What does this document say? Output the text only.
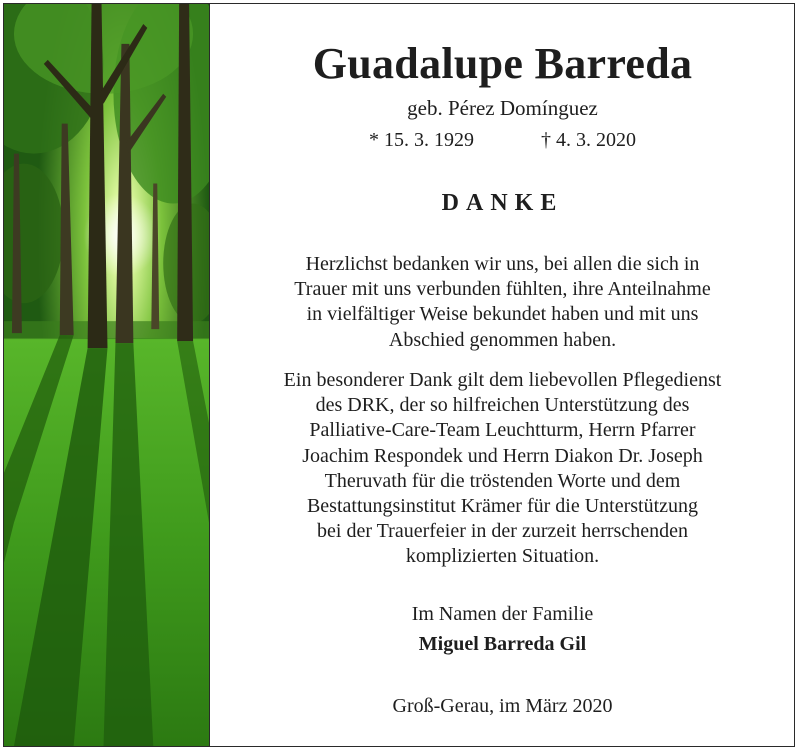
Guadalupe Barreda
geb. Pérez Domínguez
* 15. 3. 1929	† 4. 3. 2020
DANKE
Herzlichst bedanken wir uns, bei allen die sich in
Trauer mit uns verbunden fühlten, ihre Anteilnahme
in vielfältiger Weise bekundet haben und mit uns
Abschied genommen haben.
Ein besonderer Dank gilt dem liebevollen Pflegedienst
des DRK, der so hilfreichen Unterstützung des
Palliative-Care-Team Leuchtturm, Herrn Pfarrer
Joachim Respondek und Herrn Diakon Dr. Joseph
Theruvath für die tröstenden Worte und dem
Bestattungsinstitut Krämer für die Unterstützung
bei der Trauerfeier in der zurzeit herrschenden
komplizierten Situation.
Im Namen der Familie
Miguel Barreda Gil
Groß-Gerau, im März 2020
